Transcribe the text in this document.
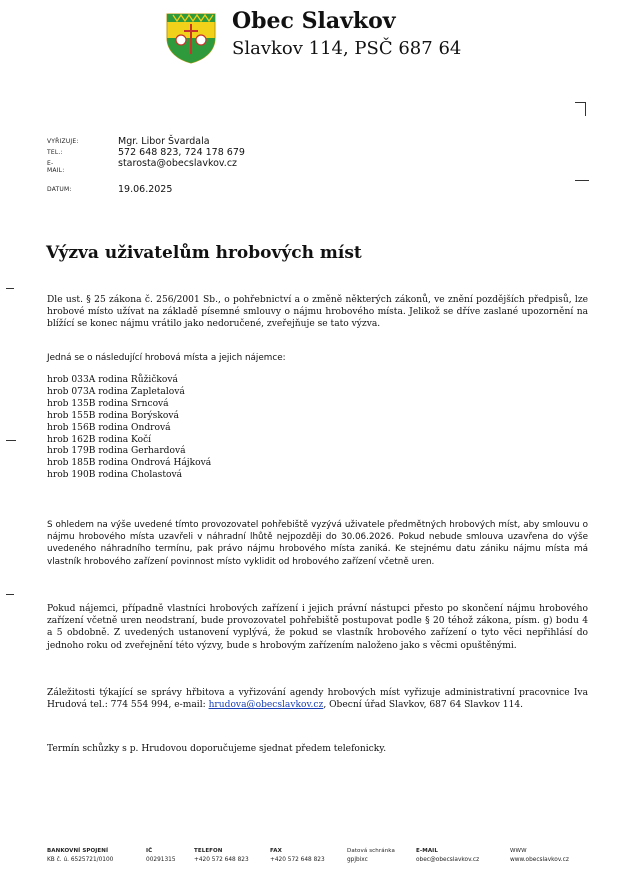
Obec Slavkov
Slavkov 114, PSČ 687 64
VYŘIZUJE:	Mgr. Libor Švardala
TEL.:	572 648 823, 724 178 679
E-MAIL:
starosta@obecslavkov.cz
DATUM:	19.06.2025
Výzva uživatelům hrobových míst
Dle ust. § 25 zákona č. 256/2001 Sb., o pohřebnictví a o změně některých zákonů, ve znění pozdějších předpisů, lze hrobové místo užívat na základě písemné smlouvy o nájmu hrobového místa. Jelikož se dříve zaslané upozornění na blížící se konec nájmu vrátilo jako nedoručené, zveřejňuje se tato výzva.
Jedná se o následující hrobová místa a jejich nájemce:
hrob 033A rodina Růžičková
hrob 073A rodina Zapletalová
hrob 135B rodina Srncová
hrob 155B rodina Borýsková
hrob 156B rodina Ondrová
hrob 162B rodina Kočí
hrob 179B rodina Gerhardová
hrob 185B rodina Ondrová Hájková
hrob 190B rodina Cholastová
S ohledem na výše uvedené tímto provozovatel pohřebiště vyzývá uživatele předmětných hrobových míst, aby smlouvu o nájmu hrobového místa uzavřeli v náhradní lhůtě nejpozději do 30.06.2026. Pokud nebude smlouva uzavřena do výše uvedeného náhradního termínu, pak právo nájmu hrobového místa zaniká. Ke stejnému datu zániku nájmu místa má vlastník hrobového zařízení povinnost místo vyklidit od hrobového zařízení včetně uren.
Pokud nájemci, případně vlastníci hrobových zařízení i jejich právní nástupci přesto po skončení nájmu hrobového zařízení včetně uren neodstraní, bude provozovatel pohřebiště postupovat podle § 20 téhož zákona, písm. g) bodu 4 a 5 obdobně. Z uvedených ustanovení vyplývá, že pokud se vlastník hrobového zařízení o tyto věci nepřihlásí do jednoho roku od zveřejnění této výzvy, bude s hrobovým zařízením naloženo jako s věcmi opuštěnými.
Záležitosti týkající se správy hřbitova a vyřizování agendy hrobových míst vyřizuje administrativní pracovnice Iva Hrudová tel.: 774 554 994, e-mail: hrudova@obecslavkov.cz, Obecní úřad Slavkov, 687 64 Slavkov 114.
Termín schůzky s p. Hrudovou doporučujeme sjednat předem telefonicky.
BANKOVNÍ SPOJENÍ
KB č. ú. 6525721/0100
IČ
00291315
TELEFON
+420 572 648 823
FAX
+420 572 648 823
Datová schránka
gpjbixc
E-MAIL
obec@obecslavkov.cz
WWW
www.obecslavkov.cz
